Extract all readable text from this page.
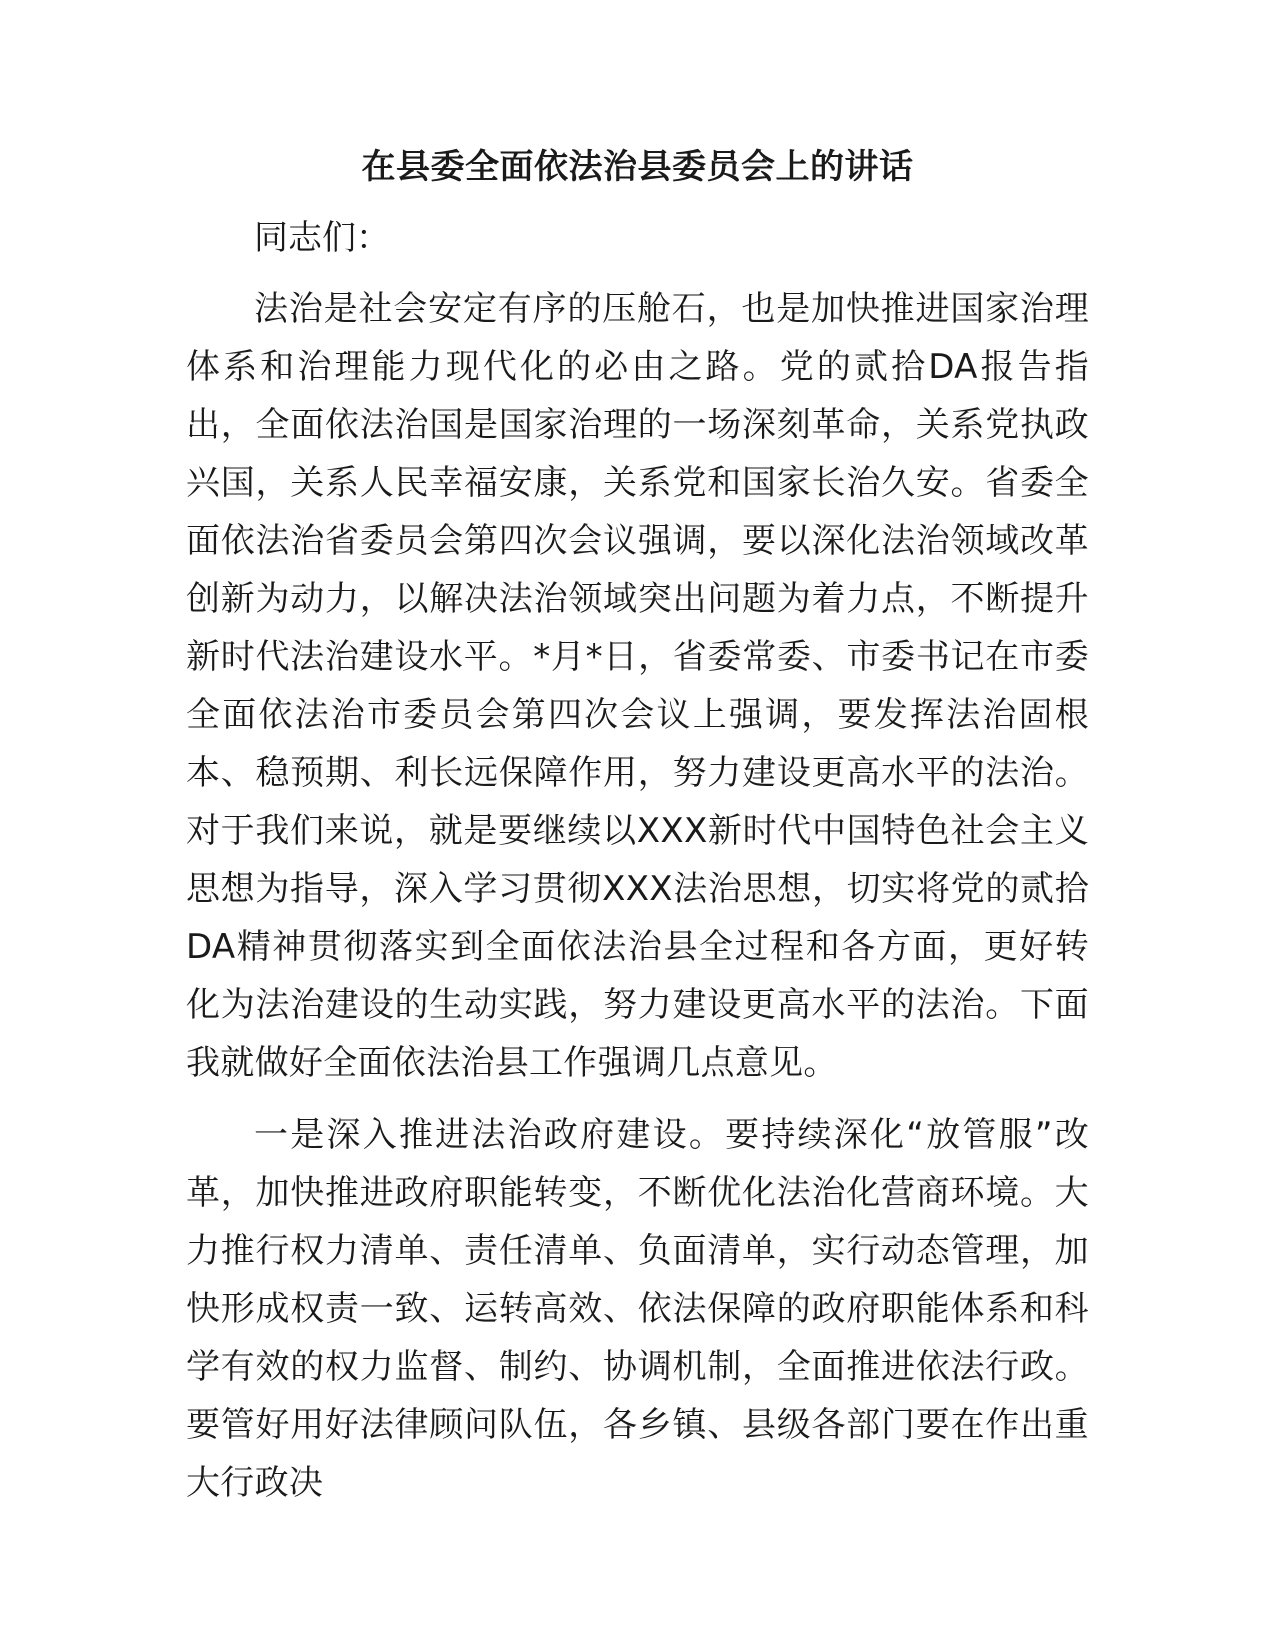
在县委全面依法治县委员会上的讲话

同志们：

法治是社会安定有序的压舱石，也是加快推进国家治理体系和治理能力现代化的必由之路。党的贰拾DA报告指出，全面依法治国是国家治理的一场深刻革命，关系党执政兴国，关系人民幸福安康，关系党和国家长治久安。省委全面依法治省委员会第四次会议强调，要以深化法治领域改革创新为动力，以解决法治领域突出问题为着力点，不断提升新时代法治建设水平。*月*日，省委常委、市委书记在市委全面依法治市委员会第四次会议上强调，要发挥法治固根本、稳预期、利长远保障作用，努力建设更高水平的法治。对于我们来说，就是要继续以XXX新时代中国特色社会主义思想为指导，深入学习贯彻XXX法治思想，切实将党的贰拾DA精神贯彻落实到全面依法治县全过程和各方面，更好转化为法治建设的生动实践，努力建设更高水平的法治。下面我就做好全面依法治县工作强调几点意见。

一是深入推进法治政府建设。要持续深化“放管服”改革，加快推进政府职能转变，不断优化法治化营商环境。大力推行权力清单、责任清单、负面清单，实行动态管理，加快形成权责一致、运转高效、依法保障的政府职能体系和科学有效的权力监督、制约、协调机制，全面推进依法行政。要管好用好法律顾问队伍，各乡镇、县级各部门要在作出重大行政决
